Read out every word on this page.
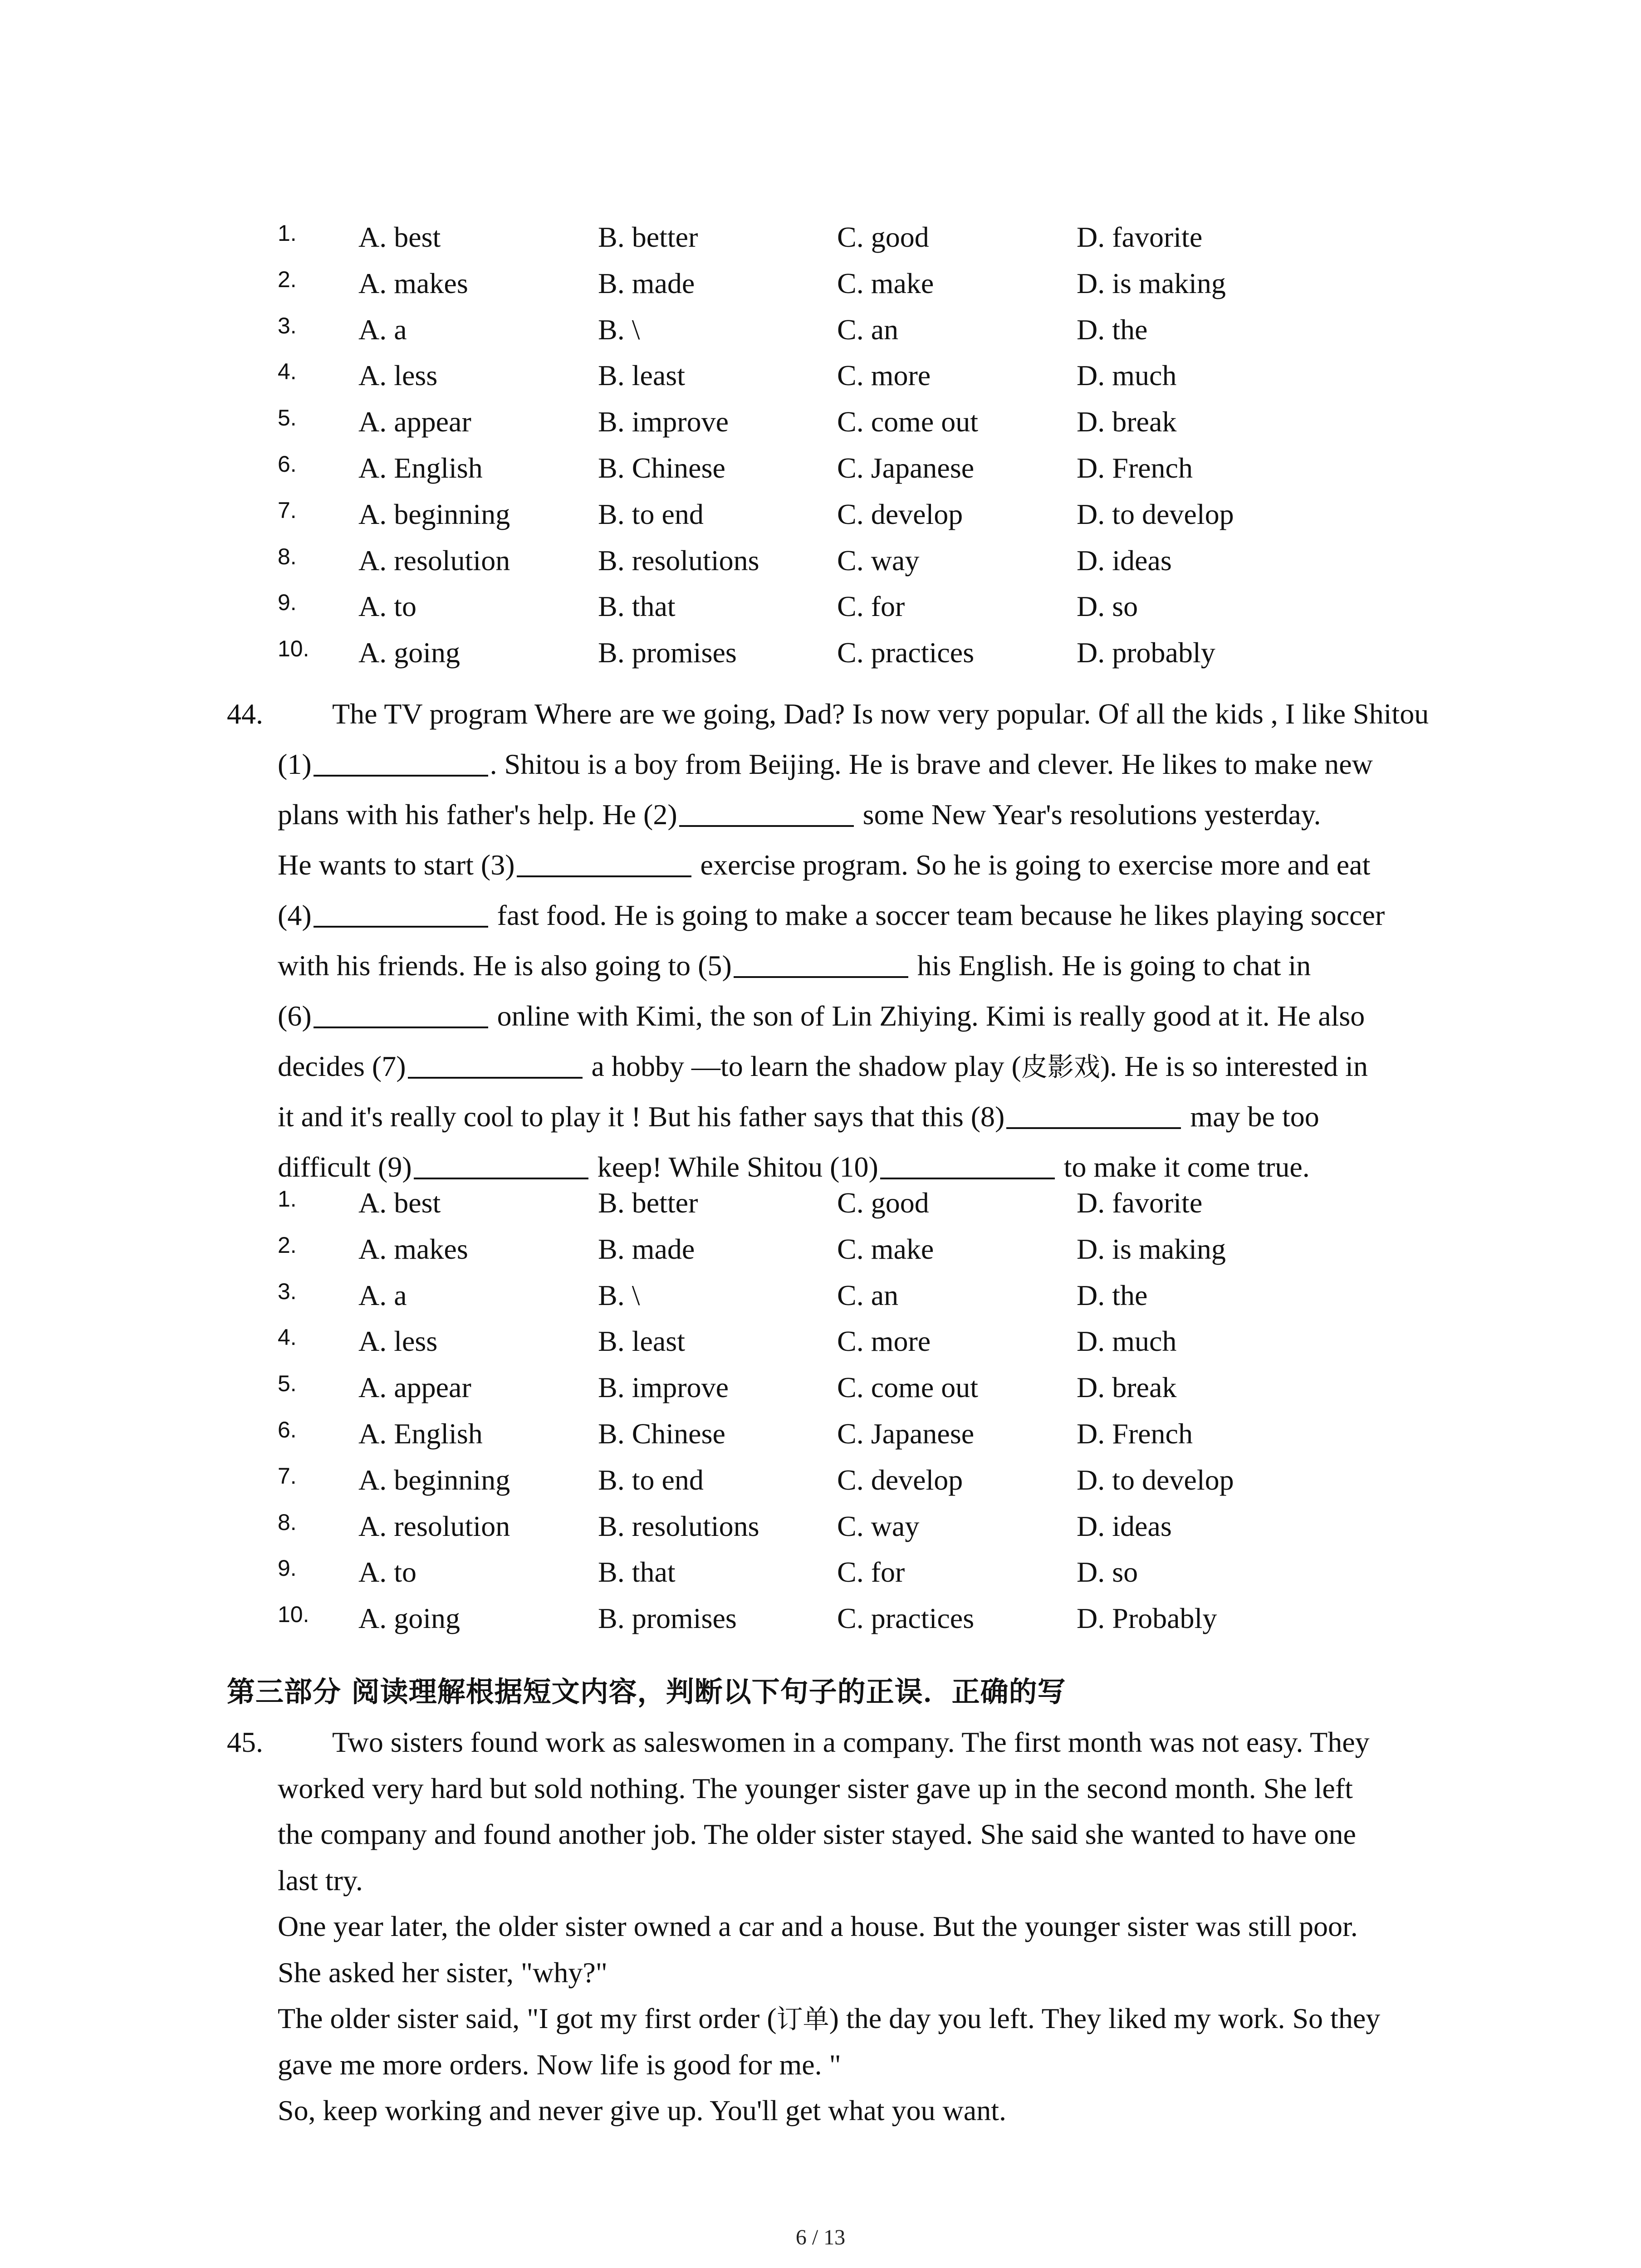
1. A. best	B. better	C. good	D. favorite
2. A. makes	B. made	C. make	D. is making
3. A. a	B. \	C. an	D. the
4. A. less	B. least	C. more	D. much
5. A. appear	B. improve	C. come out	D. break
6. A. English	B. Chinese	C. Japanese	D. French
7. A. beginning	B. to end	C. develop	D. to develop
8. A. resolution	B. resolutions	C. way	D. ideas
9. A. to	B. that	C. for	D. so
10. A. going	B. promises	C. practices	D. probably
44.	The TV program Where are we going, Dad? Is now very popular. Of all the kids , I like Shitou
(1)	. Shitou is a boy from Beijing. He is brave and clever. He likes to make new
plans with his father's help. He (2)	some New Year's resolutions yesterday.
He wants to start (3)	exercise program. So he is going to exercise more and eat
(4)	fast food. He is going to make a soccer team because he likes playing soccer
with his friends. He is also going to (5)	his English. He is going to chat in
(6)	online with Kimi, the son of Lin Zhiying. Kimi is really good at it. He also
decides (7)	a hobby —to learn the shadow play (皮影戏). He is so interested in
it and it's really cool to play it ! But his father says that this (8)	may be too
difficult (9)	keep! While Shitou (10)	to make it come true.
1. A. best	B. better	C. good	D. favorite
2. A. makes	B. made	C. make	D. is making
3. A. a	B. \	C. an	D. the
4. A. less	B. least	C. more	D. much
5. A. appear	B. improve	C. come out	D. break
6. A. English	B. Chinese	C. Japanese	D. French
7. A. beginning	B. to end	C. develop	D. to develop
8. A. resolution	B. resolutions	C. way	D. ideas
9. A. to	B. that	C. for	D. so
10. A. going	B. promises	C. practices	D. Probably
第三部分 阅读理解根据短文内容，判断以下句子的正误．正确的写
45.	Two sisters found work as saleswomen in a company. The first month was not easy. They
worked very hard but sold nothing. The younger sister gave up in the second month. She left
the company and found another job. The older sister stayed. She said she wanted to have one
last try.
One year later, the older sister owned a car and a house. But the younger sister was still poor.
She asked her sister, "why?"
The older sister said, "I got my first order (订单) the day you left. They liked my work. So they
gave me more orders. Now life is good for me. "
So, keep working and never give up. You'll get what you want.
6 / 13
